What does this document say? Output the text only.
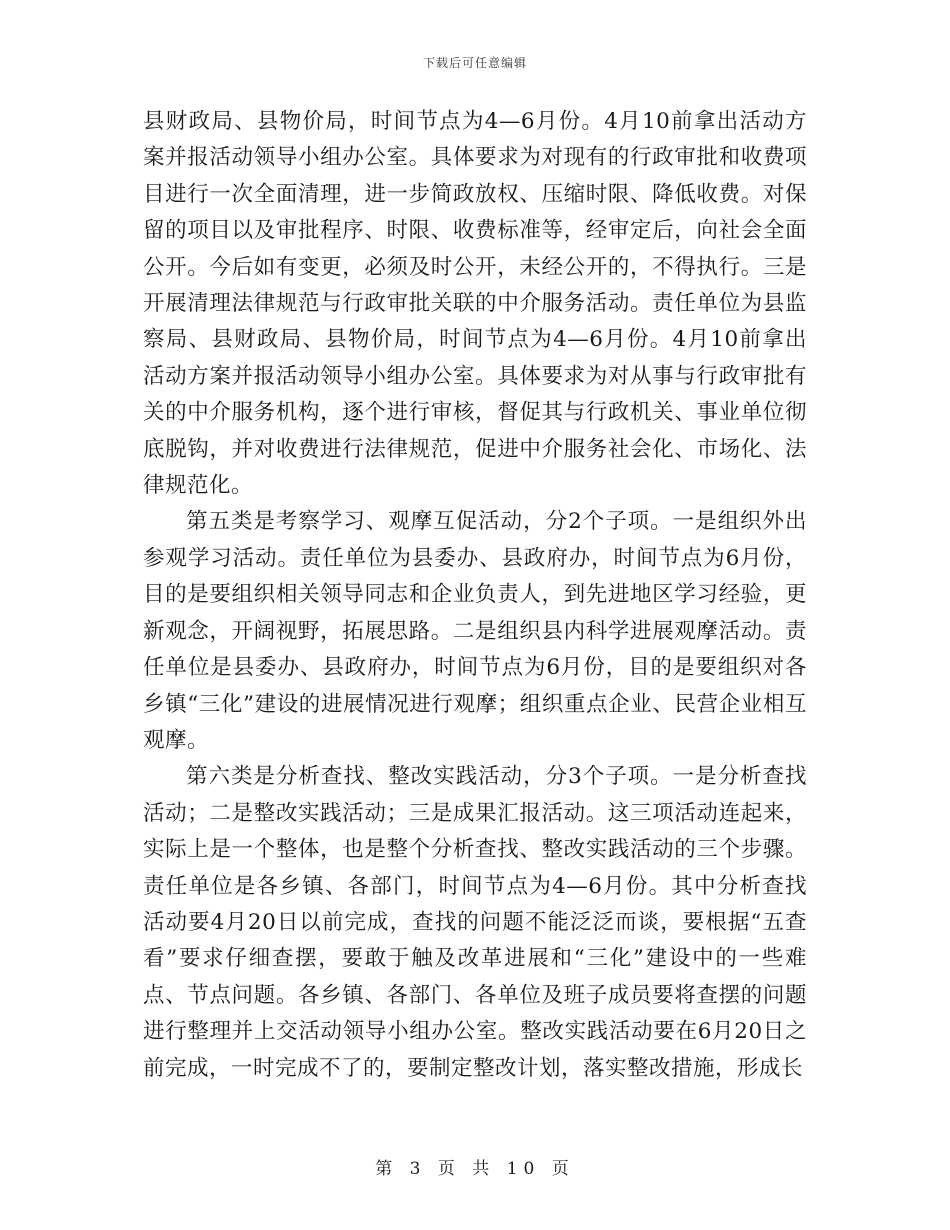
下载后可任意编辑

县财政局、县物价局，时间节点为4—6月份。4月10前拿出活动方案并报活动领导小组办公室。具体要求为对现有的行政审批和收费项目进行一次全面清理，进一步简政放权、压缩时限、降低收费。对保留的项目以及审批程序、时限、收费标准等，经审定后，向社会全面公开。今后如有变更，必须及时公开，未经公开的，不得执行。三是开展清理法律规范与行政审批关联的中介服务活动。责任单位为县监察局、县财政局、县物价局，时间节点为4—6月份。4月10前拿出活动方案并报活动领导小组办公室。具体要求为对从事与行政审批有关的中介服务机构，逐个进行审核，督促其与行政机关、事业单位彻底脱钩，并对收费进行法律规范，促进中介服务社会化、市场化、法律规范化。

第五类是考察学习、观摩互促活动，分2个子项。一是组织外出参观学习活动。责任单位为县委办、县政府办，时间节点为6月份，目的是要组织相关领导同志和企业负责人，到先进地区学习经验，更新观念，开阔视野，拓展思路。二是组织县内科学进展观摩活动。责任单位是县委办、县政府办，时间节点为6月份，目的是要组织对各乡镇“三化”建设的进展情况进行观摩；组织重点企业、民营企业相互观摩。

第六类是分析查找、整改实践活动，分3个子项。一是分析查找活动；二是整改实践活动；三是成果汇报活动。这三项活动连起来，实际上是一个整体，也是整个分析查找、整改实践活动的三个步骤。责任单位是各乡镇、各部门，时间节点为4—6月份。其中分析查找活动要4月20日以前完成，查找的问题不能泛泛而谈，要根据“五查看”要求仔细查摆，要敢于触及改革进展和“三化”建设中的一些难点、节点问题。各乡镇、各部门、各单位及班子成员要将查摆的问题进行整理并上交活动领导小组办公室。整改实践活动要在6月20日之前完成，一时完成不了的，要制定整改计划，落实整改措施，形成长

第 3 页 共 10 页
